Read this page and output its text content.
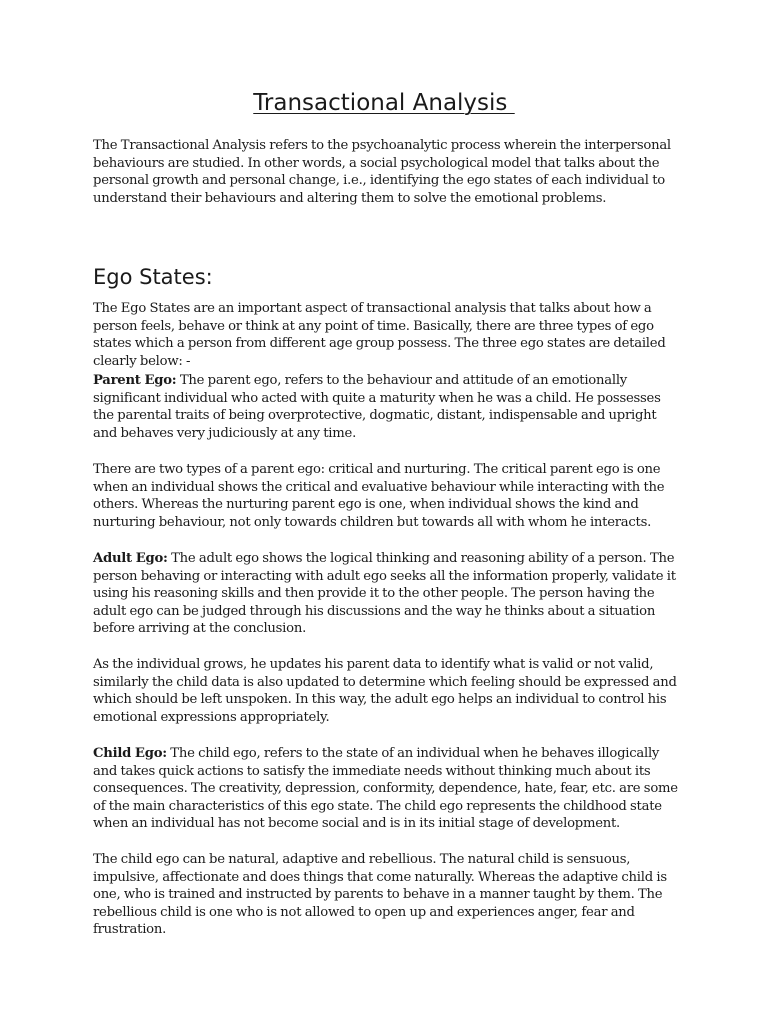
Transactional Analysis

The Transactional Analysis refers to the psychoanalytic process wherein the interpersonal behaviours are studied. In other words, a social psychological model that talks about the personal growth and personal change, i.e., identifying the ego states of each individual to understand their behaviours and altering them to solve the emotional problems.

Ego States:

The Ego States are an important aspect of transactional analysis that talks about how a person feels, behave or think at any point of time. Basically, there are three types of ego states which a person from different age group possess. The three ego states are detailed clearly below: -

Parent Ego: The parent ego, refers to the behaviour and attitude of an emotionally significant individual who acted with quite a maturity when he was a child. He possesses the parental traits of being overprotective, dogmatic, distant, indispensable and upright and behaves very judiciously at any time.

There are two types of a parent ego: critical and nurturing. The critical parent ego is one when an individual shows the critical and evaluative behaviour while interacting with the others. Whereas the nurturing parent ego is one, when individual shows the kind and nurturing behaviour, not only towards children but towards all with whom he interacts.

Adult Ego: The adult ego shows the logical thinking and reasoning ability of a person. The person behaving or interacting with adult ego seeks all the information properly, validate it using his reasoning skills and then provide it to the other people. The person having the adult ego can be judged through his discussions and the way he thinks about a situation before arriving at the conclusion.

As the individual grows, he updates his parent data to identify what is valid or not valid, similarly the child data is also updated to determine which feeling should be expressed and which should be left unspoken. In this way, the adult ego helps an individual to control his emotional expressions appropriately.

Child Ego: The child ego, refers to the state of an individual when he behaves illogically and takes quick actions to satisfy the immediate needs without thinking much about its consequences. The creativity, depression, conformity, dependence, hate, fear, etc. are some of the main characteristics of this ego state. The child ego represents the childhood state when an individual has not become social and is in its initial stage of development.

The child ego can be natural, adaptive and rebellious. The natural child is sensuous, impulsive, affectionate and does things that come naturally. Whereas the adaptive child is one, who is trained and instructed by parents to behave in a manner taught by them. The rebellious child is one who is not allowed to open up and experiences anger, fear and frustration.
